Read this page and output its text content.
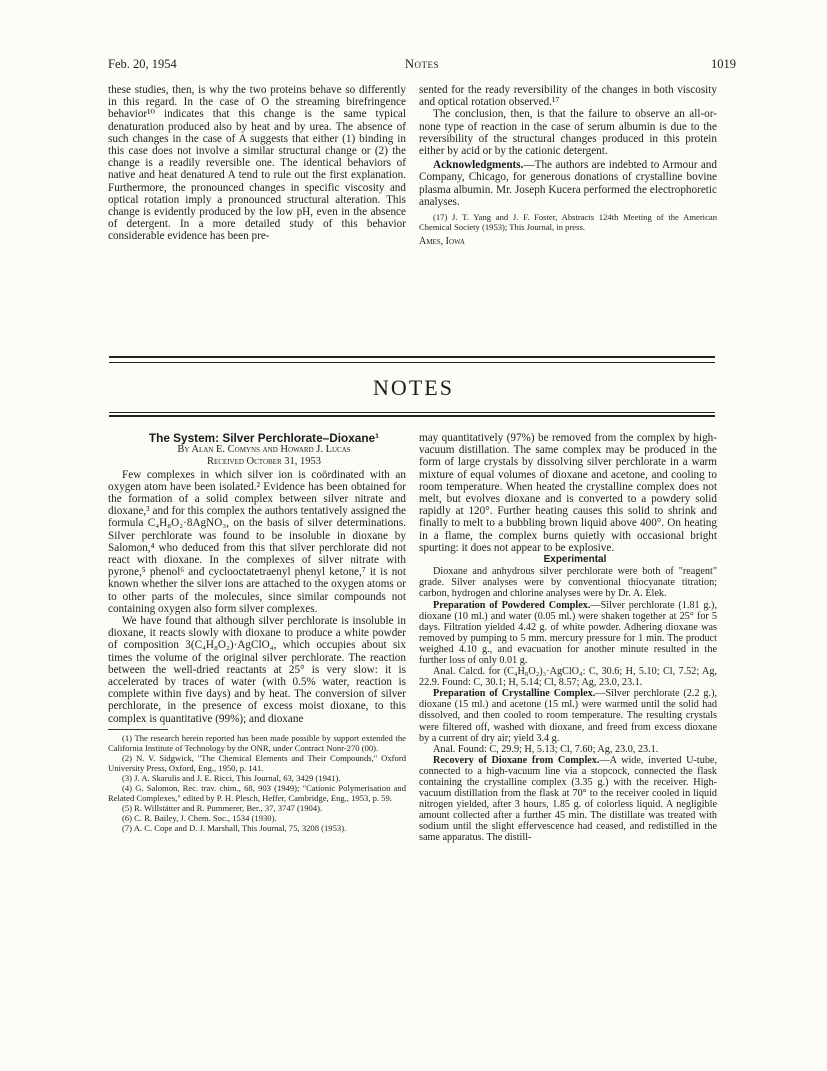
Feb. 20, 1954	Notes	1019

these studies, then, is why the two proteins behave so differently in this regard. In the case of O the streaming birefringence behavior¹⁰ indicates that this change is the same typical denaturation produced also by heat and by urea. The absence of such changes in the case of A suggests that either (1) binding in this case does not involve a similar structural change or (2) the change is a readily reversible one. The identical behaviors of native and heat denatured A tend to rule out the first explanation. Furthermore, the pronounced changes in specific viscosity and optical rotation imply a pronounced structural alteration. This change is evidently produced by the low pH, even in the absence of detergent. In a more detailed study of this behavior considerable evidence has been pre-

sented for the ready reversibility of the changes in both viscosity and optical rotation observed.¹⁷

The conclusion, then, is that the failure to observe an all-or-none type of reaction in the case of serum albumin is due to the reversibility of the structural changes produced in this protein either by acid or by the cationic detergent.

Acknowledgments.—The authors are indebted to Armour and Company, Chicago, for generous donations of crystalline bovine plasma albumin. Mr. Joseph Kucera performed the electrophoretic analyses.

(17) J. T. Yang and J. F. Foster, Abstracts 124th Meeting of the American Chemical Society (1953); This Journal, in press.

Ames, Iowa

NOTES

The System: Silver Perchlorate–Dioxane¹

By Alan E. Comyns and Howard J. Lucas

Received October 31, 1953

Few complexes in which silver ion is coördinated with an oxygen atom have been isolated.² Evidence has been obtained for the formation of a solid complex between silver nitrate and dioxane,³ and for this complex the authors tentatively assigned the formula C₄H₈O₂·8AgNO₃, on the basis of silver determinations. Silver perchlorate was found to be insoluble in dioxane by Salomon,⁴ who deduced from this that silver perchlorate did not react with dioxane. In the complexes of silver nitrate with pyrone,⁵ phenol⁶ and cyclooctatetraenyl phenyl ketone,⁷ it is not known whether the silver ions are attached to the oxygen atoms or to other parts of the molecules, since similar compounds not containing oxygen also form silver complexes.

We have found that although silver perchlorate is insoluble in dioxane, it reacts slowly with dioxane to produce a white powder of composition 3(C₄H₈O₂)·AgClO₄, which occupies about six times the volume of the original silver perchlorate. The reaction between the well-dried reactants at 25° is very slow: it is accelerated by traces of water (with 0.5% water, reaction is complete within five days) and by heat. The conversion of silver perchlorate, in the presence of excess moist dioxane, to this complex is quantitative (99%); and dioxane

(1) The research herein reported has been made possible by support extended the California Institute of Technology by the ONR, under Contract Nonr-270 (00).

(2) N. V. Sidgwick, "The Chemical Elements and Their Compounds," Oxford University Press, Oxford, Eng., 1950, p. 141.

(3) J. A. Skarulis and J. E. Ricci, This Journal, 63, 3429 (1941).

(4) G. Salomon, Rec. trav. chim., 68, 903 (1949); "Cationic Polymerisation and Related Complexes," edited by P. H. Plesch, Heffer, Cambridge, Eng., 1953, p. 59.

(5) R. Willstätter and R. Pummerer, Ber., 37, 3747 (1904).

(6) C. R. Bailey, J. Chem. Soc., 1534 (1930).

(7) A. C. Cope and D. J. Marshall, This Journal, 75, 3208 (1953).

may quantitatively (97%) be removed from the complex by high-vacuum distillation. The same complex may be produced in the form of large crystals by dissolving silver perchlorate in a warm mixture of equal volumes of dioxane and acetone, and cooling to room temperature. When heated the crystalline complex does not melt, but evolves dioxane and is converted to a powdery solid rapidly at 120°. Further heating causes this solid to shrink and finally to melt to a bubbling brown liquid above 400°. On heating in a flame, the complex burns quietly with occasional bright spurting: it does not appear to be explosive.

Experimental

Dioxane and anhydrous silver perchlorate were both of "reagent" grade. Silver analyses were by conventional thiocyanate titration; carbon, hydrogen and chlorine analyses were by Dr. A. Elek.

Preparation of Powdered Complex.—Silver perchlorate (1.81 g.), dioxane (10 ml.) and water (0.05 ml.) were shaken together at 25° for 5 days. Filtration yielded 4.42 g. of white powder. Adhering dioxane was removed by pumping to 5 mm. mercury pressure for 1 min. The product weighed 4.10 g., and evacuation for another minute resulted in the further loss of only 0.01 g.

Anal. Calcd. for (C₄H₈O₂)₃·AgClO₄: C, 30.6; H, 5.10; Cl, 7.52; Ag, 22.9. Found: C, 30.1; H, 5.14; Cl, 8.57; Ag, 23.0, 23.1.

Preparation of Crystalline Complex.—Silver perchlorate (2.2 g.), dioxane (15 ml.) and acetone (15 ml.) were warmed until the solid had dissolved, and then cooled to room temperature. The resulting crystals were filtered off, washed with dioxane, and freed from excess dioxane by a current of dry air; yield 3.4 g.

Anal. Found: C, 29.9; H, 5.13; Cl, 7.60; Ag, 23.0, 23.1.

Recovery of Dioxane from Complex.—A wide, inverted U-tube, connected to a high-vacuum line via a stopcock, connected the flask containing the crystalline complex (3.35 g.) with the receiver. High-vacuum distillation from the flask at 70° to the receiver cooled in liquid nitrogen yielded, after 3 hours, 1.85 g. of colorless liquid. A negligible amount collected after a further 45 min. The distillate was treated with sodium until the slight effervescence had ceased, and redistilled in the same apparatus. The distill-
